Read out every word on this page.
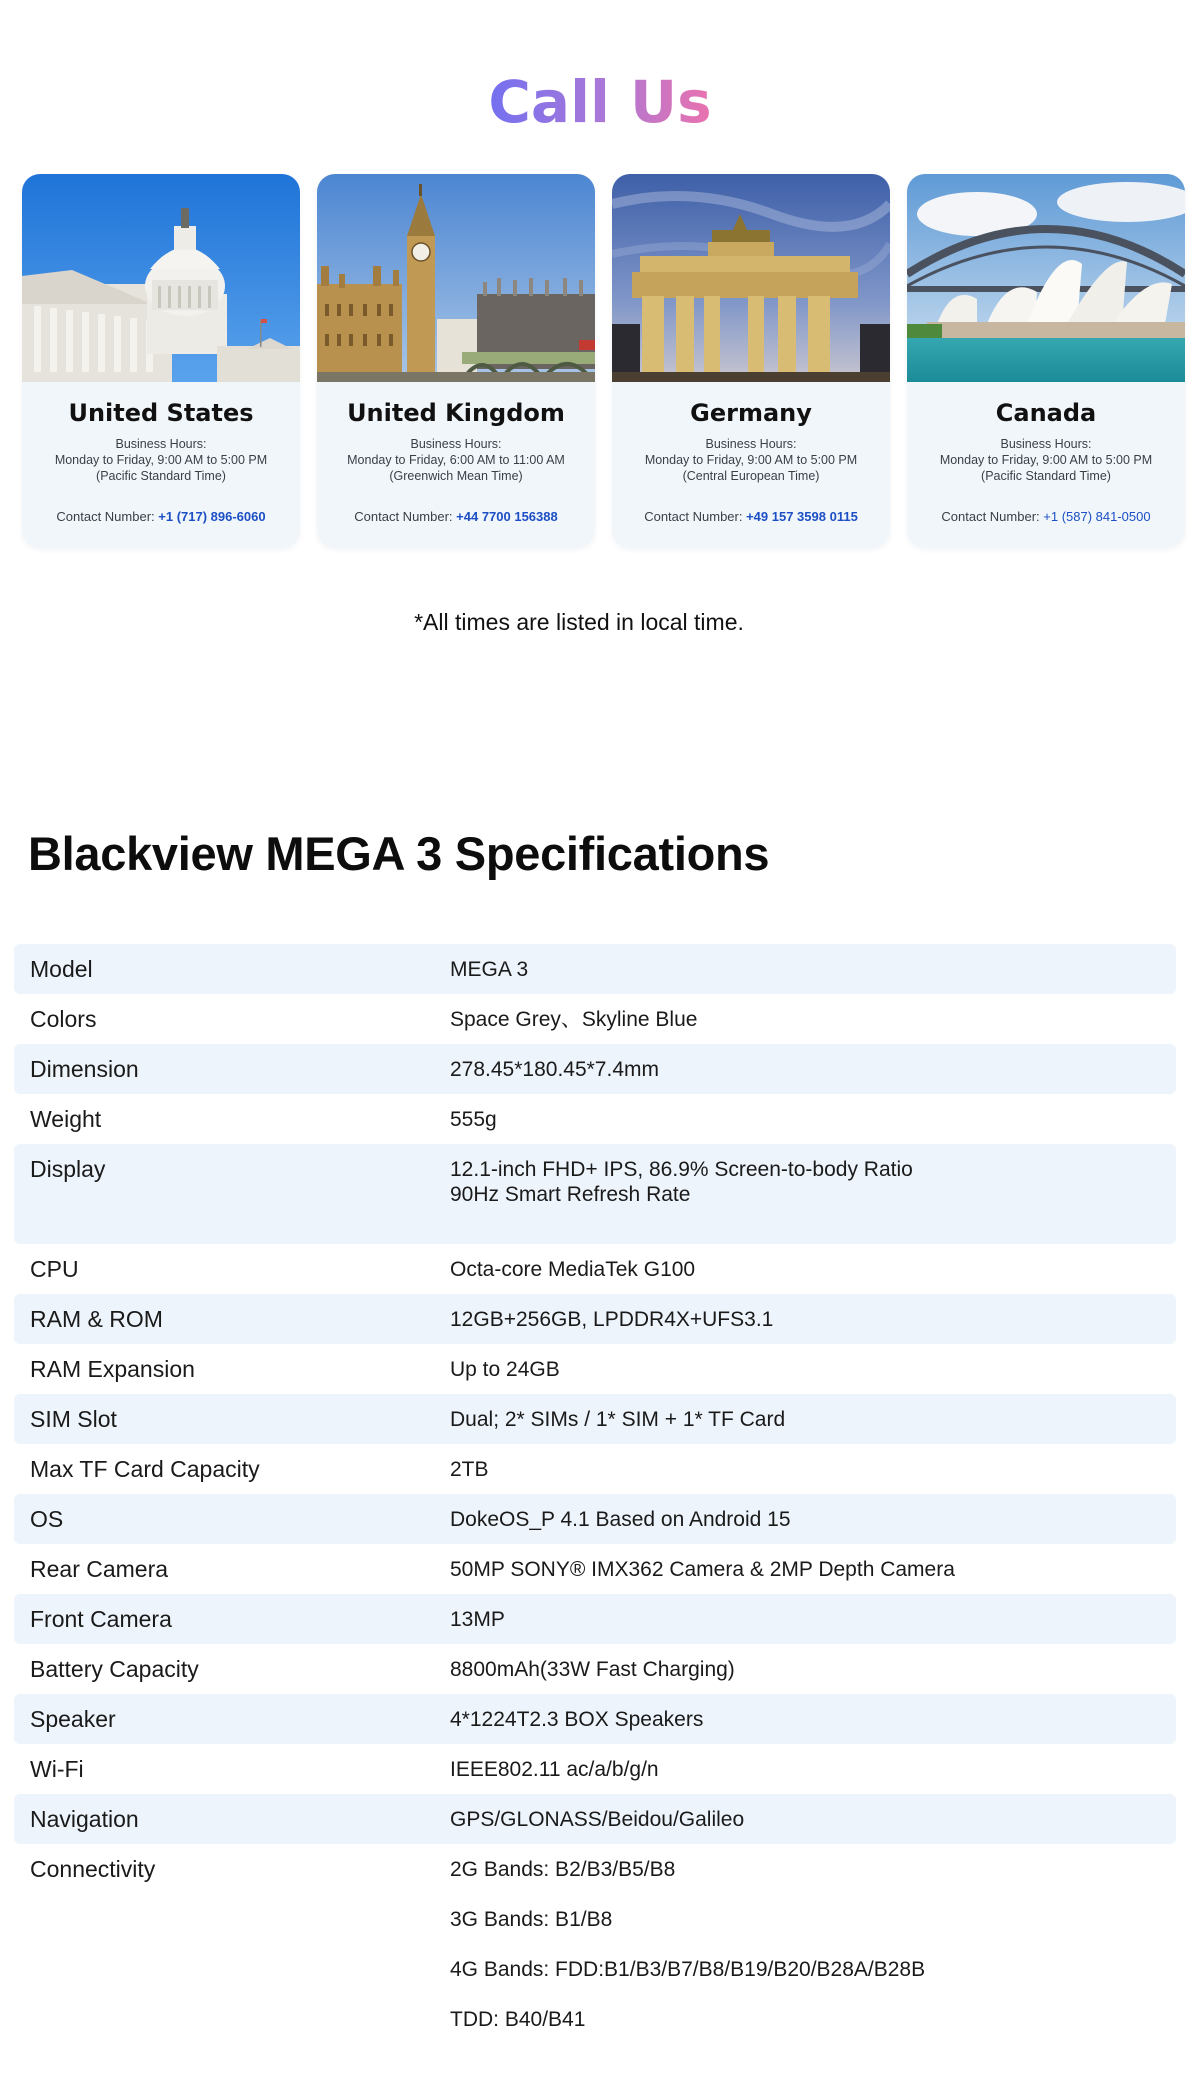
Call Us
United States
Business Hours:
Monday to Friday, 9:00 AM to 5:00 PM
(Pacific Standard Time)
Contact Number: +1 (717) 896-6060
United Kingdom
Business Hours:
Monday to Friday, 6:00 AM to 11:00 AM
(Greenwich Mean Time)
Contact Number: +44 7700 156388
Germany
Business Hours:
Monday to Friday, 9:00 AM to 5:00 PM
(Central European Time)
Contact Number: +49 157 3598 0115
Canada
Business Hours:
Monday to Friday, 9:00 AM to 5:00 PM
(Pacific Standard Time)
Contact Number: +1 (587) 841-0500

*All times are listed in local time.

Blackview MEGA 3 Specifications
Model	MEGA 3
Colors	Space Grey、Skyline Blue
Dimension	278.45*180.45*7.4mm
Weight	555g
Display	12.1-inch FHD+ IPS, 86.9% Screen-to-body Ratio
90Hz Smart Refresh Rate
CPU	Octa-core MediaTek G100
RAM & ROM	12GB+256GB, LPDDR4X+UFS3.1
RAM Expansion	Up to 24GB
SIM Slot	Dual; 2* SIMs / 1* SIM + 1* TF Card
Max TF Card Capacity	2TB
OS	DokeOS_P 4.1 Based on Android 15
Rear Camera	50MP SONY® IMX362 Camera & 2MP Depth Camera
Front Camera	13MP
Battery Capacity	8800mAh(33W Fast Charging)
Speaker	4*1224T2.3 BOX Speakers
Wi-Fi	IEEE802.11 ac/a/b/g/n
Navigation	GPS/GLONASS/Beidou/Galileo
Connectivity	2G Bands: B2/B3/B5/B8
3G Bands: B1/B8
4G Bands: FDD:B1/B3/B7/B8/B19/B20/B28A/B28B
TDD: B40/B41
